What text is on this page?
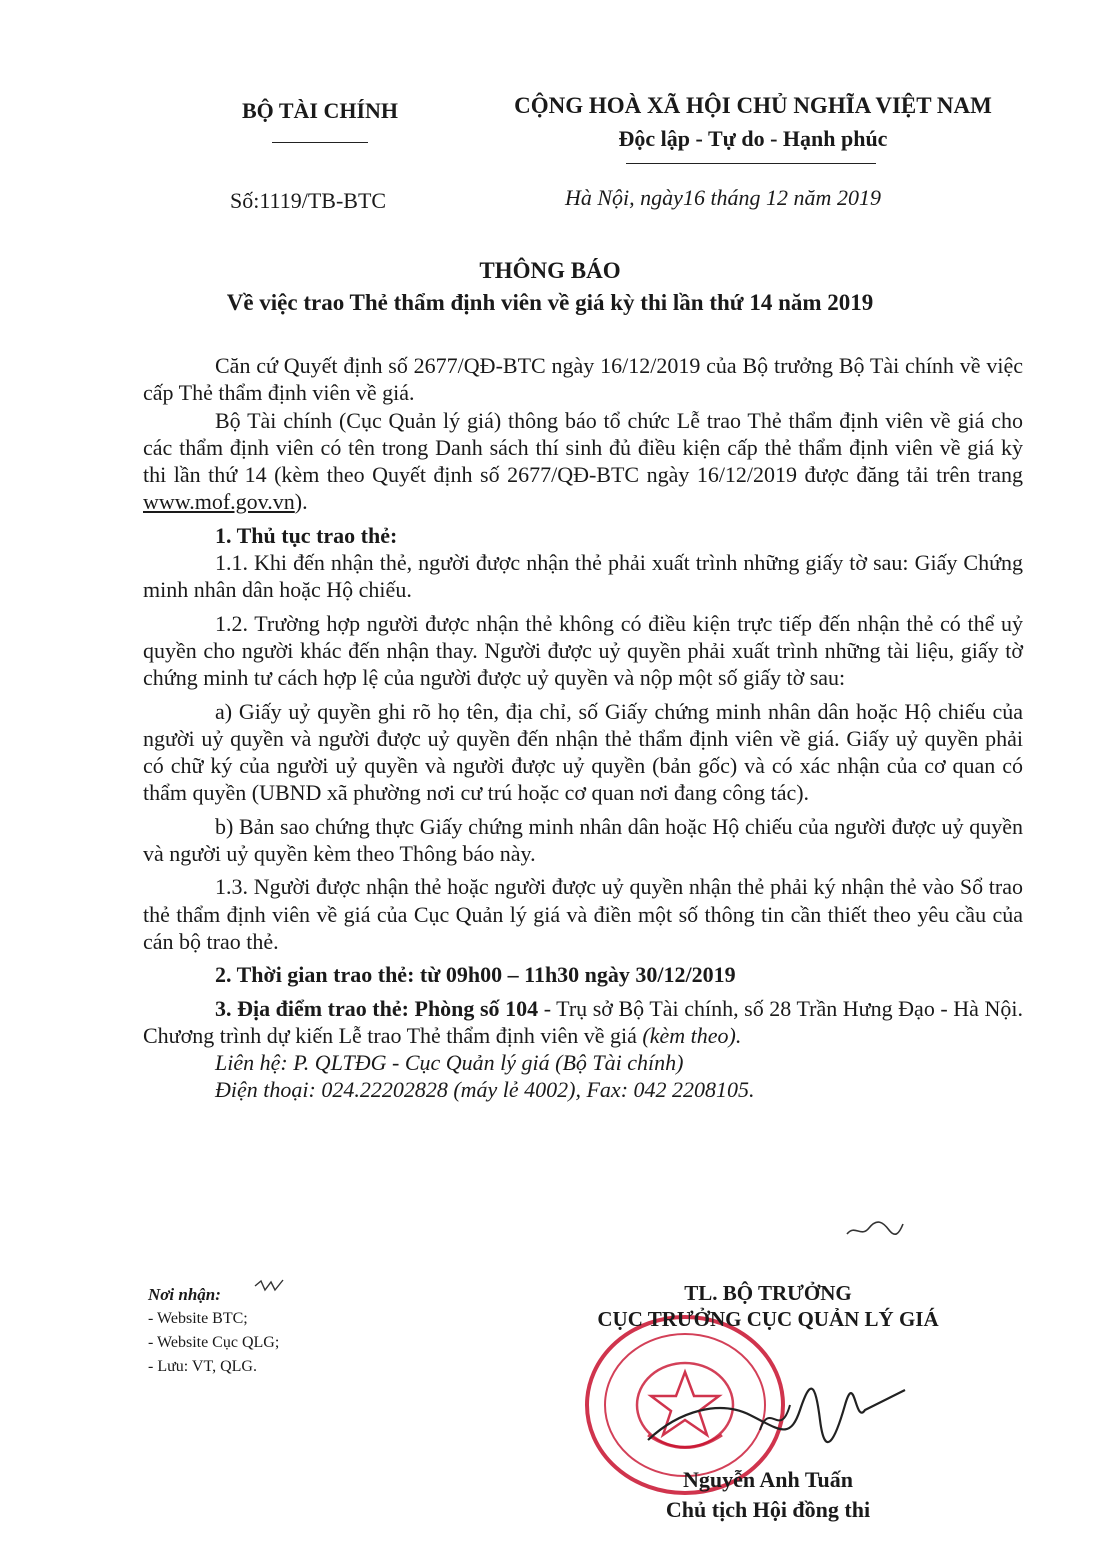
BỘ TÀI CHÍNH	CỘNG HOÀ XÃ HỘI CHỦ NGHĨA VIỆT NAM
Độc lập - Tự do - Hạnh phúc
Số:1119/TB-BTC	Hà Nội, ngày16 tháng 12 năm 2019
THÔNG BÁO
Về việc trao Thẻ thẩm định viên về giá kỳ thi lần thứ 14 năm 2019

Căn cứ Quyết định số 2677/QĐ-BTC ngày 16/12/2019 của Bộ trưởng Bộ Tài chính về việc cấp Thẻ thẩm định viên về giá.

Bộ Tài chính (Cục Quản lý giá) thông báo tổ chức Lễ trao Thẻ thẩm định viên về giá cho các thẩm định viên có tên trong Danh sách thí sinh đủ điều kiện cấp thẻ thẩm định viên về giá kỳ thi lần thứ 14 (kèm theo Quyết định số 2677/QĐ-BTC ngày 16/12/2019 được đăng tải trên trang www.mof.gov.vn).

1. Thủ tục trao thẻ:

1.1. Khi đến nhận thẻ, người được nhận thẻ phải xuất trình những giấy tờ sau: Giấy Chứng minh nhân dân hoặc Hộ chiếu.

1.2. Trường hợp người được nhận thẻ không có điều kiện trực tiếp đến nhận thẻ có thể uỷ quyền cho người khác đến nhận thay. Người được uỷ quyền phải xuất trình những tài liệu, giấy tờ chứng minh tư cách hợp lệ của người được uỷ quyền và nộp một số giấy tờ sau:

a) Giấy uỷ quyền ghi rõ họ tên, địa chỉ, số Giấy chứng minh nhân dân hoặc Hộ chiếu của người uỷ quyền và người được uỷ quyền đến nhận thẻ thẩm định viên về giá. Giấy uỷ quyền phải có chữ ký của người uỷ quyền và người được uỷ quyền (bản gốc) và có xác nhận của cơ quan có thẩm quyền (UBND xã phường nơi cư trú hoặc cơ quan nơi đang công tác).

b) Bản sao chứng thực Giấy chứng minh nhân dân hoặc Hộ chiếu của người được uỷ quyền và người uỷ quyền kèm theo Thông báo này.

1.3. Người được nhận thẻ hoặc người được uỷ quyền nhận thẻ phải ký nhận thẻ vào Sổ trao thẻ thẩm định viên về giá của Cục Quản lý giá và điền một số thông tin cần thiết theo yêu cầu của cán bộ trao thẻ.

2. Thời gian trao thẻ: từ 09h00 – 11h30 ngày 30/12/2019

3. Địa điểm trao thẻ: Phòng số 104 - Trụ sở Bộ Tài chính, số 28 Trần Hưng Đạo - Hà Nội. Chương trình dự kiến Lễ trao Thẻ thẩm định viên về giá (kèm theo).

Liên hệ: P. QLTĐG - Cục Quản lý giá (Bộ Tài chính)

Điện thoại: 024.22202828 (máy lẻ 4002), Fax: 042 2208105.

Nơi nhận:
- Website BTC;
- Website Cục QLG;
- Lưu: VT, QLG.
TL. BỘ TRƯỞNG
CỤC TRƯỞNG CỤC QUẢN LÝ GIÁ
Nguyễn Anh Tuấn
Chủ tịch Hội đồng thi
